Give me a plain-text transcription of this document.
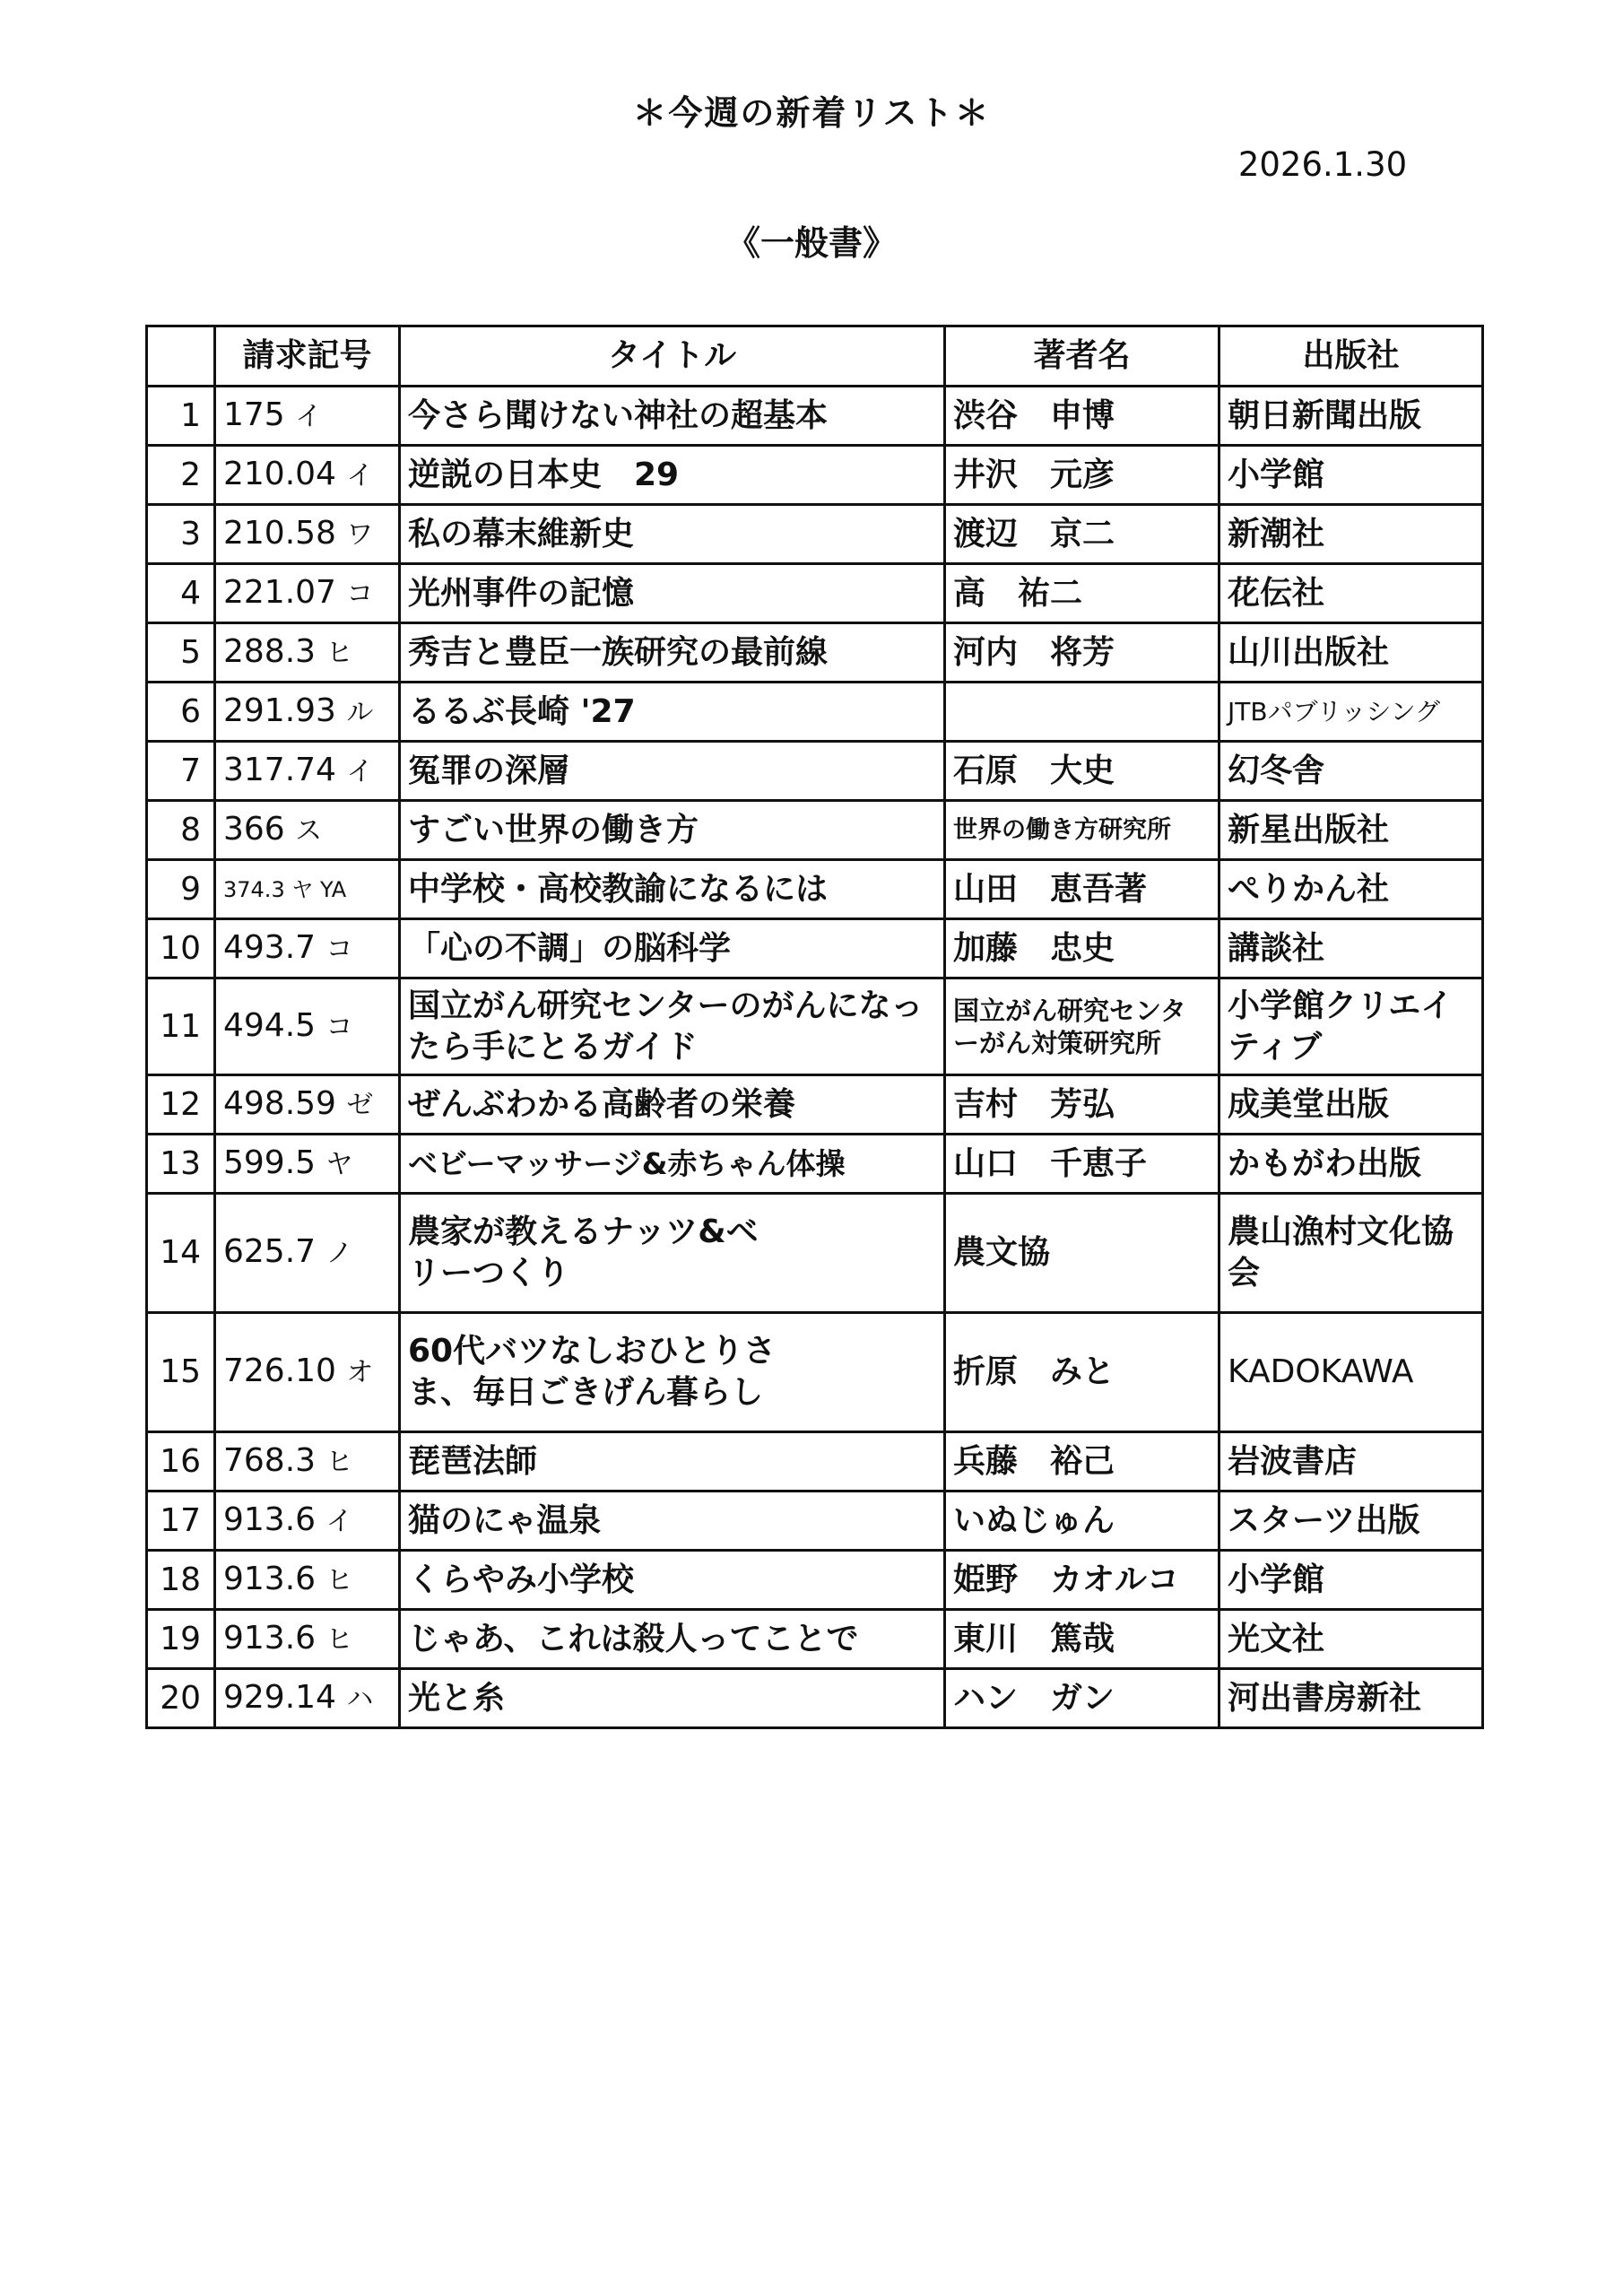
＊今週の新着リスト＊
2026.1.30
《一般書》
	請求記号	タイトル	著者名	出版社
1	175 イ	今さら聞けない神社の超基本	渋谷　申博	朝日新聞出版
2	210.04 イ	逆説の日本史　29	井沢　元彦	小学館
3	210.58 ワ	私の幕末維新史	渡辺　京二	新潮社
4	221.07 コ	光州事件の記憶	高　祐二	花伝社
5	288.3 ヒ	秀吉と豊臣一族研究の最前線	河内　将芳	山川出版社
6	291.93 ル	るるぶ長崎 '27		JTBパブリッシング
7	317.74 イ	冤罪の深層	石原　大史	幻冬舎
8	366 ス	すごい世界の働き方	世界の働き方研究所	新星出版社
9	374.3 ヤ YA	中学校・高校教諭になるには	山田　恵吾著	ぺりかん社
10	493.7 コ	「心の不調」の脳科学	加藤　忠史	講談社
11	494.5 コ	国立がん研究センターのがんになったら手にとるガイド	国立がん研究センターがん対策研究所	小学館クリエイティブ
12	498.59 ゼ	ぜんぶわかる高齢者の栄養	吉村　芳弘	成美堂出版
13	599.5 ヤ	ベビーマッサージ&赤ちゃん体操	山口　千恵子	かもがわ出版
14	625.7 ノ	農家が教えるナッツ&ベリーつくり	農文協	農山漁村文化協会
15	726.10 オ	60代バツなしおひとりさま、毎日ごきげん暮らし	折原　みと	KADOKAWA
16	768.3 ヒ	琵琶法師	兵藤　裕己	岩波書店
17	913.6 イ	猫のにゃ温泉	いぬじゅん	スターツ出版
18	913.6 ヒ	くらやみ小学校	姫野　カオルコ	小学館
19	913.6 ヒ	じゃあ、これは殺人ってことで	東川　篤哉	光文社
20	929.14 ハ	光と糸	ハン　ガン	河出書房新社
